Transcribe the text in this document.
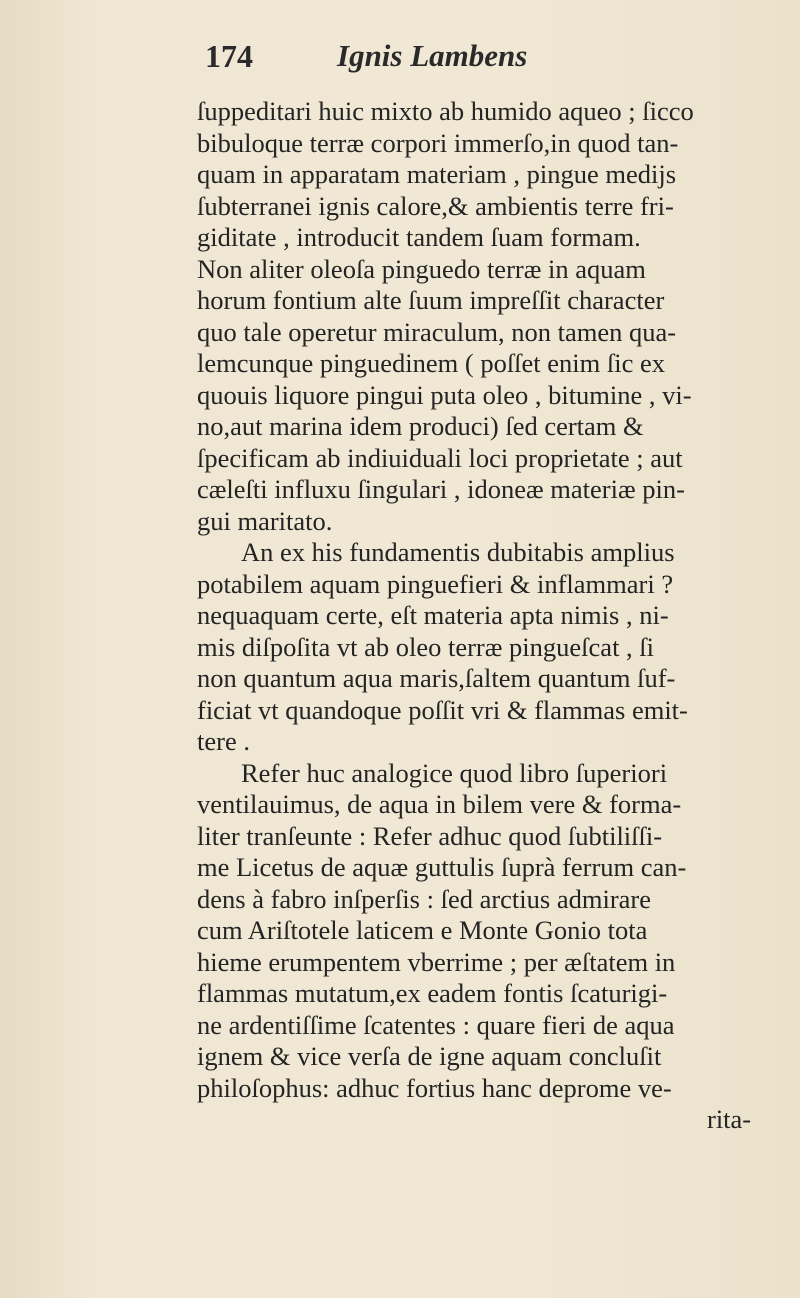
174	Ignis Lambens
ſuppeditari huic mixto ab humido aqueo ; ſicco
bibuloque terræ corpori immerſo,in quod tan-
quam in apparatam materiam , pingue medijs
ſubterranei ignis calore,& ambientis terre fri-
giditate , introducit tandem ſuam formam.
Non aliter oleoſa pinguedo terræ in aquam
horum fontium alte ſuum impreſſit character
quo tale operetur miraculum, non tamen qua-
lemcunque pinguedinem ( poſſet enim ſic ex
quouis liquore pingui puta oleo , bitumine , vi-
no,aut marina idem produci) ſed certam &
ſpecificam ab indiuiduali loci proprietate ; aut
cæleſti influxu ſingulari , idoneæ materiæ pin-
gui maritato.
An ex his fundamentis dubitabis amplius
potabilem aquam pinguefieri & inflammari ?
nequaquam certe, eſt materia apta nimis , ni-
mis diſpoſita vt ab oleo terræ pingueſcat , ſi
non quantum aqua maris,ſaltem quantum ſuf-
ficiat vt quandoque poſſit vri & flammas emit-
tere .
Refer huc analogice quod libro ſuperiori
ventilauimus, de aqua in bilem vere & forma-
liter tranſeunte : Refer adhuc quod ſubtiliſſi-
me Licetus de aquæ guttulis ſuprà ferrum can-
dens à fabro inſperſis : ſed arctius admirare
cum Ariſtotele laticem e Monte Gonio tota
hieme erumpentem vberrime ; per æſtatem in
flammas mutatum,ex eadem fontis ſcaturigi-
ne ardentiſſime ſcatentes : quare fieri de aqua
ignem & vice verſa de igne aquam concluſit
philoſophus: adhuc fortius hanc deprome ve-
rita-
